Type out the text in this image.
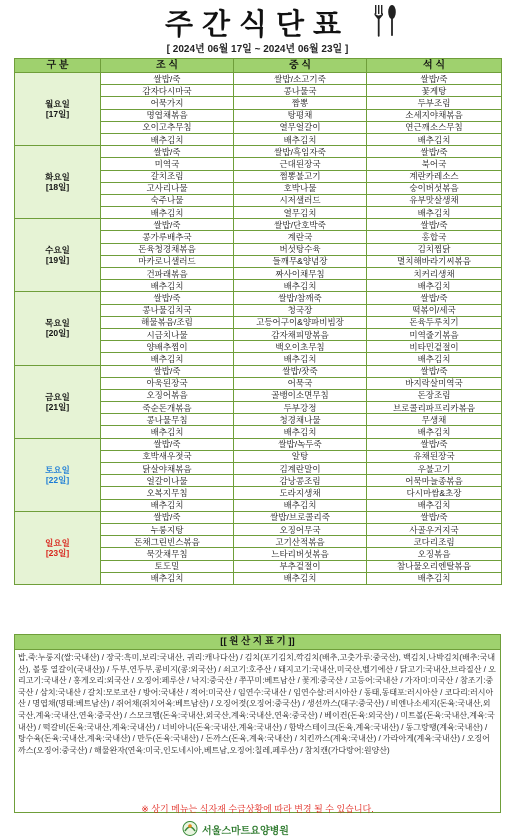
주간식단표
[ 2024년 06월 17일 ~ 2024년 06월 23일 ]
구 분	조 식	중 식	석 식

월요일
[17일]	쌀밥/죽	쌀밥/소고기죽	쌀밥/죽
	감자다시마국	콩나물국	꽃게탕
	어묵가지	짬뽕	두부조림
	명엽채볶음	탕평채	소세지야채볶음
	오이고추무침	열무얼갈이	연근깨소스무침
	배추김치	배추김치	배추김치

화요일
[18일]	쌀밥/죽	쌀밥/흑임자죽	쌀밥/죽
	미역국	근대된장국	북어국
	갈치조림	쩜뽕불고기	계란카레소스
	고사리나물	호박나물	숭이버섯볶음
	숙주나물	시저샐러드	유부맛살생채
	배추김치	열무김치	배추김치

수요일
[19일]	쌀밥/죽	쌀밥/단호박죽	쌀밥/죽
	콩가루배추국	계란국	홍합국
	돈육청경채볶음	버섯탕수육	김치찜닭
	마카로니샐러드	들깨무&양념장	멸치해바라기씨볶음
	건파래볶음	짜사이채무침	치커리생채
	배추김치	배추김치	배추김치

목요일
[20일]	쌀밥/죽	쌀밥/참깨죽	쌀밥/죽
	콩나물김치국	청국장	떡볶이/세국
	해물볶음/조림	고등어구이&양파비빔장	돈육두루치기
	시금치나물	감자채피망볶음	미역줄기볶음
	양배추찜이	백오이초무침	비타민겉절이
	배추김치	배추김치	배추김치

금요일
[21일]	쌀밥/죽	쌀밥/잣죽	쌀밥/죽
	아욱된장국	어묵국	바지락살미역국
	오징어볶음	골뱅이소면무침	돈장조림
	죽순돈개볶음	두부강정	브로콜리파프리카볶음
	콩나물무침	청경채나물	무생채
	배추김치	배추김치	배추김치

토요일
[22일]	쌀밥/죽	쌀밥/녹두죽	쌀밥/죽
	호박새우젓국	알탕	유채된장국
	닭살야채볶음	김계란말이	우불고기
	얼갈이나물	감낭콩조림	어묵마늘종볶음
	오복지무침	도라지생채	다시마쌈&초장
	배추김치	배추김치	배추김치

일요일
[23일]	쌀밥/죽	쌀밥/브로콜리죽	쌀밥/죽
	누룽지탕	오징어무국	사골우거지국
	돈채그린빈스볶음	고기산적볶음	코다리조림
	묵갓채무침	느타리버섯볶음	오징볶음
	토도밀	부추겉절이	참나물오리엔탈볶음
	배추김치	배추김치	배추김치
[[ 원 산 지 표 기 ]]
밥,죽:누룽지(쌀:국내산) / 장국:흑미,보리:국내산, 귀리:캐나다산) / 김치(포기김치,깍김치(배추,고춧가루:중국산), 백김치,나박김치(배추:국내산), 볼퉁 열갈이(국내산)) / 두부,연두부,콩비지(콩:외국산) / 쇠고기:호주산 / 돼지고기:국내산,미국산,벨기에산 / 닭고기:국내산,브라질산 / 오리고기:국내산 / 홍게오리:외국산 / 오징어:페루산 / 낙지:중국산 / 쭈꾸미:베트남산 / 꽃게:중국산 / 고등어:국내산 / 가자미:미국산 / 참조기:중국산 / 삼치:국내산 / 갈치:모로코산 / 방어:국내산 / 적어:미국산 / 임연수:국내산 / 임연수살:러시아산 / 동태,동태포:러시아산 / 코다리:러시아산 / 명엽채(명태:베트남산) / 쥐어채(쥐치어육:베트남산) / 오징어젓(오징어:중국산) / 생선까스(대구:중국산) / 비엔나소세지(돈육:국내산,외국산,계육:국내산,연육:중국산) / 스모크햄(돈육:국내산,외국산,계육:국내산,연육:중국산) / 베이컨(돈육:외국산) / 미트볼(돈육:국내산,계육:국내산) / 떡갈비(돈육:국내산,계육:국내산) / 너비아니(돈육:국내산,계육:국내산) / 함박스테이크(돈육,계육:국내산) / 동그랑땡(계육:국내산) / 탕수육(돈육:국내산,계육:국내산) / 만두(돈육:국내산) / 돈까스(돈육,계육:국내산) / 치킨까스(계육:국내산) / 가라아게(계육:국내산) / 오징어까스(오징어:중국산) / 해물완자(연육:미국,인도네시아,베트남,오징어:칠레,페루산) / 참치캔(가다랑어:원양산)
※ 상기 메뉴는 식자재 수급상황에 따라 변경 될 수 있습니다.
서울스마트요양병원
